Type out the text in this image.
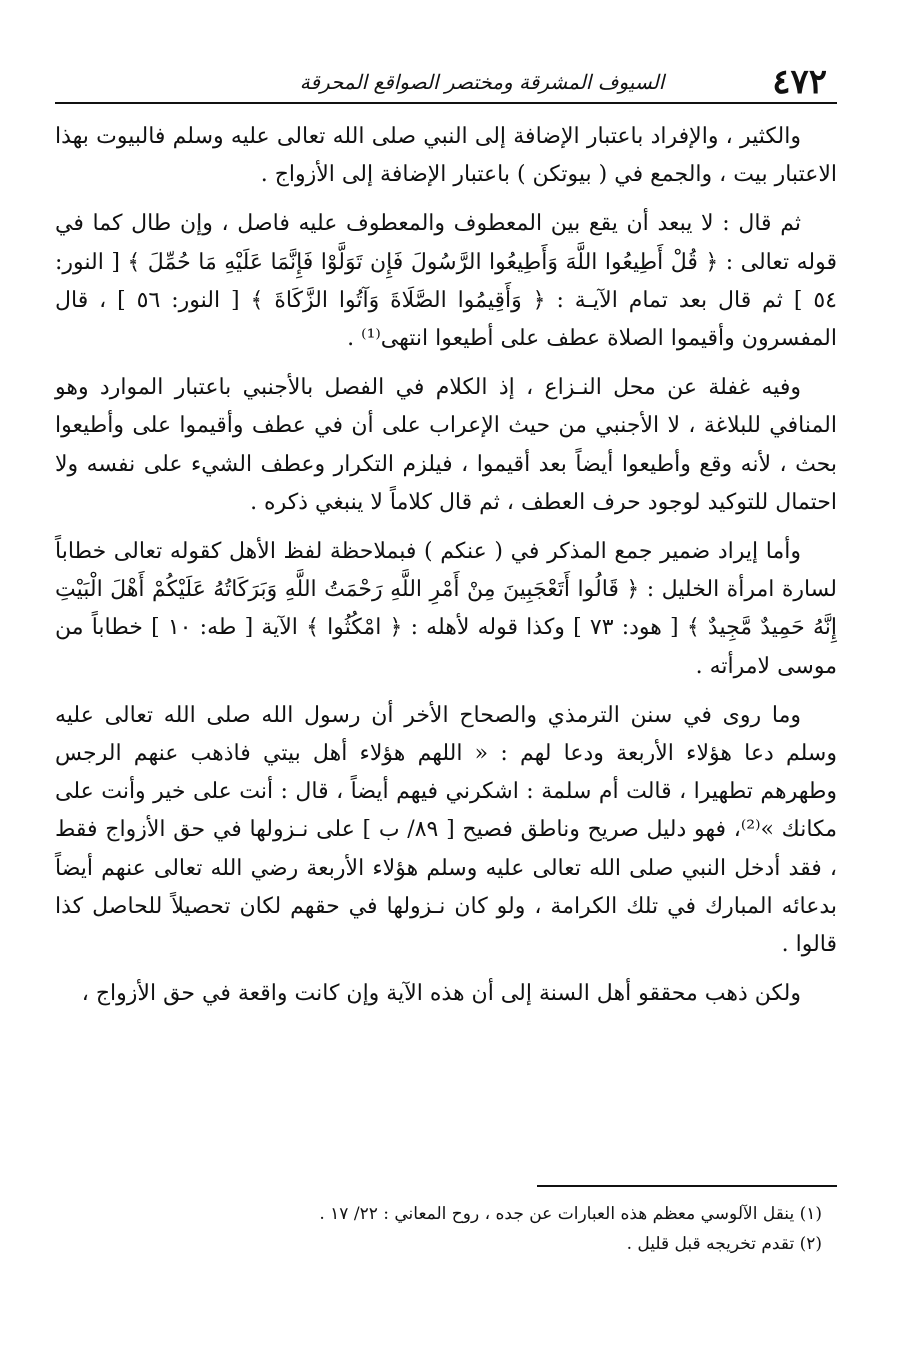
٤٧٢
السيوف المشرقة ومختصر الصواقع المحرقة

والكثير ، والإفراد باعتبار الإضافة إلى النبي صلى الله تعالى عليه وسلم فالبيوت بهذا الاعتبار بيت ، والجمع في ( بيوتكن ) باعتبار الإضافة إلى الأزواج .

ثم قال : لا يبعد أن يقع بين المعطوف والمعطوف عليه فاصل ، وإن طال كما في قوله تعالى : ﴿ قُلْ أَطِيعُوا اللَّهَ وَأَطِيعُوا الرَّسُولَ فَإِن تَوَلَّوْا فَإِنَّمَا عَلَيْهِ مَا حُمِّلَ ﴾ [ النور: ٥٤ ] ثم قال بعد تمام الآيـة : ﴿ وَأَقِيمُوا الصَّلَاةَ وَآتُوا الزَّكَاةَ ﴾ [ النور: ٥٦ ] ، قال المفسرون وأقيموا الصلاة عطف على أطيعوا انتهى⁽¹⁾ .

وفيه غفلة عن محل النـزاع ، إذ الكلام في الفصل بالأجنبي باعتبار الموارد وهو المنافي للبلاغة ، لا الأجنبي من حيث الإعراب على أن في عطف وأقيموا على وأطيعوا بحث ، لأنه وقع وأطيعوا أيضاً بعد أقيموا ، فيلزم التكرار وعطف الشيء على نفسه ولا احتمال للتوكيد لوجود حرف العطف ، ثم قال كلاماً لا ينبغي ذكره .

وأما إيراد ضمير جمع المذكر في ( عنكم ) فبملاحظة لفظ الأهل كقوله تعالى خطاباً لسارة امرأة الخليل : ﴿ قَالُوا أَتَعْجَبِينَ مِنْ أَمْرِ اللَّهِ رَحْمَتُ اللَّهِ وَبَرَكَاتُهُ عَلَيْكُمْ أَهْلَ الْبَيْتِ إِنَّهُ حَمِيدٌ مَّجِيدٌ ﴾ [ هود: ٧٣ ] وكذا قوله لأهله : ﴿ امْكُثُوا ﴾ الآية [ طه: ١٠ ] خطاباً من موسى لامرأته .

وما روى في سنن الترمذي والصحاح الأخر أن رسول الله صلى الله تعالى عليه وسلم دعا هؤلاء الأربعة ودعا لهم : « اللهم هؤلاء أهل بيتي فاذهب عنهم الرجس وطهرهم تطهيرا ، قالت أم سلمة : اشكرني فيهم أيضاً ، قال : أنت على خير وأنت على مكانك »⁽²⁾، فهو دليل صريح وناطق فصيح [ ٨٩/ ب ] على نـزولها في حق الأزواج فقط ، فقد أدخل النبي صلى الله تعالى عليه وسلم هؤلاء الأربعة رضي الله تعالى عنهم أيضاً بدعائه المبارك في تلك الكرامة ، ولو كان نـزولها في حقهم لكان تحصيلاً للحاصل كذا قالوا .

ولكن ذهب محققو أهل السنة إلى أن هذه الآية وإن كانت واقعة في حق الأزواج ،

(١) ينقل الآلوسي معظم هذه العبارات عن جده ، روح المعاني : ٢٢/ ١٧ .

(٢) تقدم تخريجه قبل قليل .
